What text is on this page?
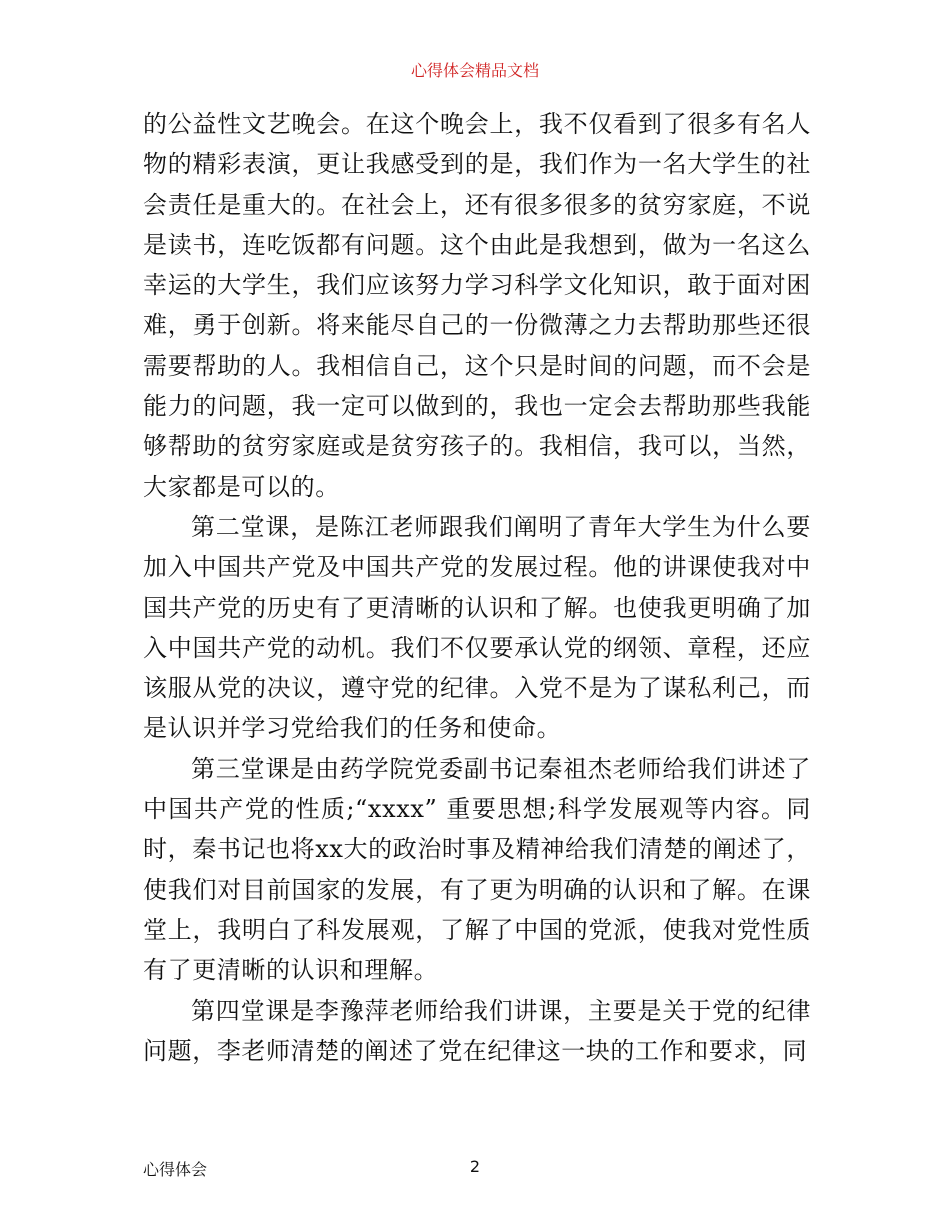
心得体会精品文档

的公益性文艺晚会。在这个晚会上，我不仅看到了很多有名人物的精彩表演，更让我感受到的是，我们作为一名大学生的社会责任是重大的。在社会上，还有很多很多的贫穷家庭，不说是读书，连吃饭都有问题。这个由此是我想到，做为一名这么幸运的大学生，我们应该努力学习科学文化知识，敢于面对困难，勇于创新。将来能尽自己的一份微薄之力去帮助那些还很需要帮助的人。我相信自己，这个只是时间的问题，而不会是能力的问题，我一定可以做到的，我也一定会去帮助那些我能够帮助的贫穷家庭或是贫穷孩子的。我相信，我可以，当然，大家都是可以的。

第二堂课，是陈江老师跟我们阐明了青年大学生为什么要加入中国共产党及中国共产党的发展过程。他的讲课使我对中国共产党的历史有了更清晰的认识和了解。也使我更明确了加入中国共产党的动机。我们不仅要承认党的纲领、章程，还应该服从党的决议，遵守党的纪律。入党不是为了谋私利己，而是认识并学习党给我们的任务和使命。

第三堂课是由药学院党委副书记秦祖杰老师给我们讲述了中国共产党的性质;“xxxx” 重要思想;科学发展观等内容。同时，秦书记也将xx大的政治时事及精神给我们清楚的阐述了，使我们对目前国家的发展，有了更为明确的认识和了解。在课堂上，我明白了科发展观，了解了中国的党派，使我对党性质有了更清晰的认识和理解。

第四堂课是李豫萍老师给我们讲课，主要是关于党的纪律问题，李老师清楚的阐述了党在纪律这一块的工作和要求，同

心得体会	2
